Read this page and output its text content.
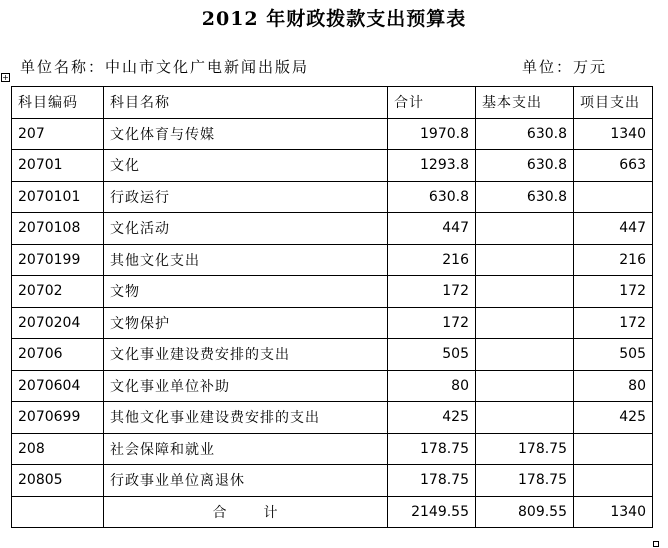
2012 年财政拨款支出预算表
单位名称：中山市文化广电新闻出版局	单位：万元
+
科目编码	科目名称	合计	基本支出	项目支出
207	文化体育与传媒	1970.8	630.8	1340
20701	文化	1293.8	630.8	663
2070101	行政运行	630.8	630.8	
2070108	文化活动	447		447
2070199	其他文化支出	216		216
20702	文物	172		172
2070204	文物保护	172		172
20706	文化事业建设费安排的支出	505		505
2070604	文化事业单位补助	80		80
2070699	其他文化事业建设费安排的支出	425		425
208	社会保障和就业	178.75	178.75	
20805	行政事业单位离退休	178.75	178.75	
	合 计	2149.55	809.55	1340
